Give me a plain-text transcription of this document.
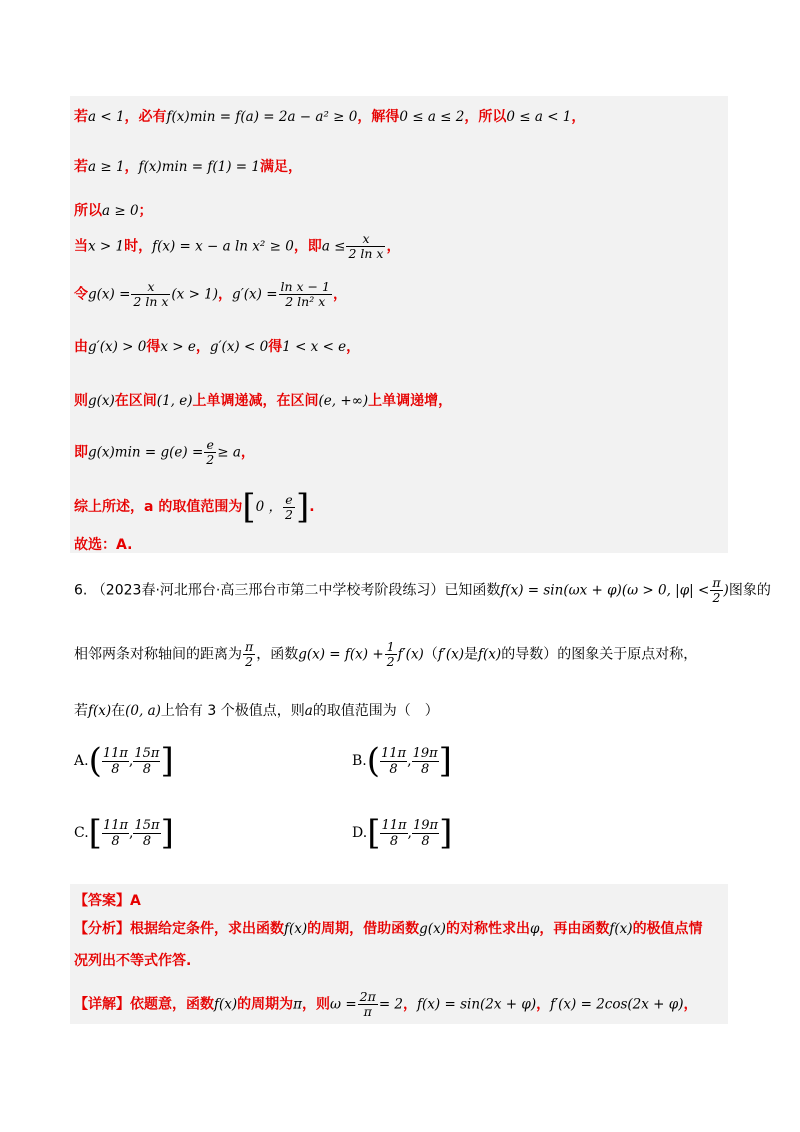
若a < 1，必有f(x)min = f(a) = 2a − a² ≥ 0，解得0 ≤ a ≤ 2，所以0 ≤ a < 1，
若a ≥ 1，f(x)min = f(1) = 1满足，
所以a ≥ 0；
当x > 1时，f(x) = x − a ln x² ≥ 0，即$a \le \frac{x}{\text{2 ln x}}$ ，
令$g(x) = \frac{x}{\text{2 ln x}} (x > 1)$，$g'(x) = \frac{\text{ln x − 1}}{\text{2 ln² x}}$ ，
由g′(x) > 0得x > e，g′(x) < 0得1 < x < e，
则g(x)在区间(1, e)上单调递减，在区间(e, +∞)上单调递增，
即$g(x)\min = g(e) = \frac{e}{2} \ge a$，
综上所述，a 的取值范围为[0 ， $\frac{e}{2}$ ].
故选：A.
6. （2023春·河北邢台·高三邢台市第二中学校考阶段练习）已知函数f(x) = sin(ωx + φ)(ω > 0, $|\varphi| < \frac{\pi}{2}$ )图象的
相邻两条对称轴间的距离为 $\frac{\pi}{2}$ ，函数$g(x) = f(x) + \frac{1}{2} f'(x)(f'(x)$是f(x)的导数）的图象关于原点对称，
若f(x)在(0, a)上恰有 3 个极值点，则a的取值范围为（　）
$A.( \frac{11\pi}{8}$ , $\frac{15\pi}{8}$ ]	$B.( \frac{11\pi}{8}$ , $\frac{19\pi}{8}$ ]
$C.[ \frac{11\pi}{8}$ , $\frac{15\pi}{8}$ ]	$D.[ \frac{11\pi}{8}$ , $\frac{19\pi}{8}$ ]
【答案】A
【分析】根据给定条件，求出函数f(x)的周期，借助函数g(x)的对称性求出φ，再由函数f(x)的极值点情
况列出不等式作答.
【详解】依题意，函数f(x)的周期为π，则$\omega = \frac{2\pi}{\pi} = 2$，f(x) = sin(2x + φ)，f′(x) = 2cos(2x + φ)，
